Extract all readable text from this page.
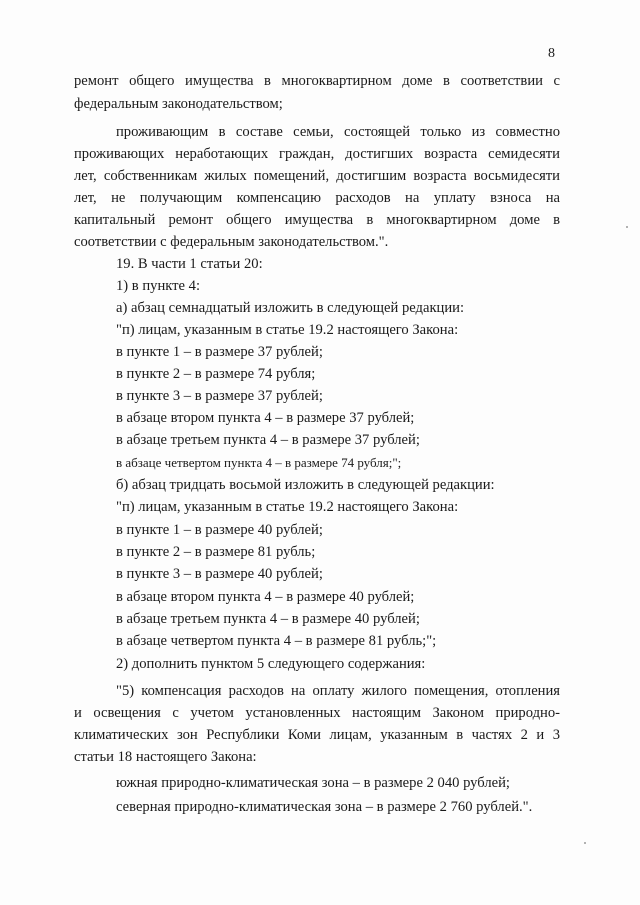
8
ремонт общего имущества в многоквартирном доме в соответствии с
федеральным законодательством;
проживающим в составе семьи, состоящей только из совместно
проживающих неработающих граждан, достигших возраста семидесяти
лет, собственникам жилых помещений, достигшим возраста восьмидесяти
лет, не получающим компенсацию расходов на уплату взноса на
капитальный ремонт общего имущества в многоквартирном доме в
соответствии с федеральным законодательством.".
19. В части 1 статьи 20:
1) в пункте 4:
а) абзац семнадцатый изложить в следующей редакции:
"п) лицам, указанным в статье 19.2 настоящего Закона:
в пункте 1 – в размере 37 рублей;
в пункте 2 – в размере 74 рубля;
в пункте 3 – в размере 37 рублей;
в абзаце втором пункта 4 – в размере 37 рублей;
в абзаце третьем пункта 4 – в размере 37 рублей;
в абзаце четвертом пункта 4 – в размере 74 рубля;";
б) абзац тридцать восьмой изложить в следующей редакции:
"п) лицам, указанным в статье 19.2 настоящего Закона:
в пункте 1 – в размере 40 рублей;
в пункте 2 – в размере 81 рубль;
в пункте 3 – в размере 40 рублей;
в абзаце втором пункта 4 – в размере 40 рублей;
в абзаце третьем пункта 4 – в размере 40 рублей;
в абзаце четвертом пункта 4 – в размере 81 рубль;";
2) дополнить пунктом 5 следующего содержания:
"5) компенсация расходов на оплату жилого помещения, отопления
и освещения с учетом установленных настоящим Законом природно-
климатических зон Республики Коми лицам, указанным в частях 2 и 3
статьи 18 настоящего Закона:
южная природно-климатическая зона – в размере 2 040 рублей;
северная природно-климатическая зона – в размере 2 760 рублей.".
